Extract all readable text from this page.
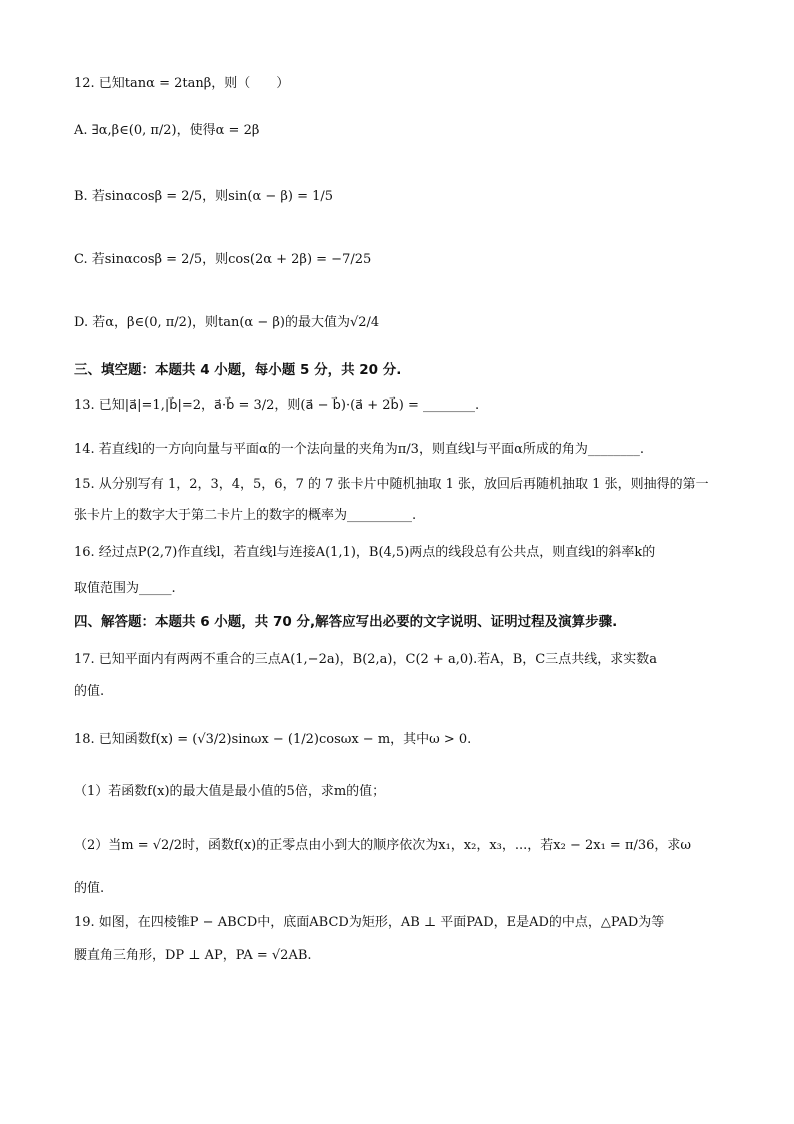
12. 已知tanα = 2tanβ，则（　　）
A. ∃α,β∈(0, π/2)，使得α = 2β
B. 若sinαcosβ = 2/5，则sin(α − β) = 1/5
C. 若sinαcosβ = 2/5，则cos(2α + 2β) = −7/25
D. 若α，β∈(0, π/2)，则tan(α − β)的最大值为√2/4
三、填空题：本题共 4 小题，每小题 5 分，共 20 分.
13. 已知|a⃗|=1,|b⃗|=2，a⃗·b⃗ = 3/2，则(a⃗ − b⃗)·(a⃗ + 2b⃗) = ________.
14. 若直线l的一方向向量与平面α的一个法向量的夹角为π/3，则直线l与平面α所成的角为________.
15. 从分别写有 1，2，3，4，5，6，7 的 7 张卡片中随机抽取 1 张，放回后再随机抽取 1 张，则抽得的第一
张卡片上的数字大于第二卡片上的数字的概率为__________.
16. 经过点P(2,7)作直线l，若直线l与连接A(1,1)，B(4,5)两点的线段总有公共点，则直线l的斜率k的
取值范围为_____.
四、解答题：本题共 6 小题，共 70 分,解答应写出必要的文字说明、证明过程及演算步骤.
17. 已知平面内有两两不重合的三点A(1,−2a)，B(2,a)，C(2 + a,0).若A，B，C三点共线，求实数a
的值.
18. 已知函数f(x) = (√3/2)sinωx − (1/2)cosωx − m，其中ω > 0.
（1）若函数f(x)的最大值是最小值的5倍，求m的值；
（2）当m = √2/2时，函数f(x)的正零点由小到大的顺序依次为x₁，x₂，x₃，...，若x₂ − 2x₁ = π/36，求ω
的值.
19. 如图，在四棱锥P − ABCD中，底面ABCD为矩形，AB ⊥ 平面PAD，E是AD的中点，△PAD为等
腰直角三角形，DP ⊥ AP，PA = √2AB.
